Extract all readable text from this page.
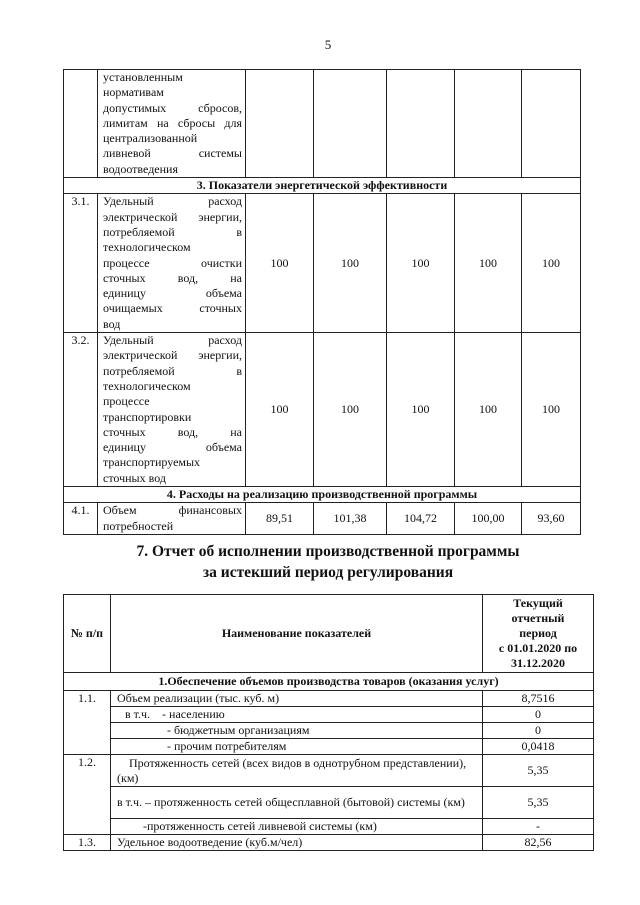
5

установленным
нормативам
допустимых сбросов,
лимитам на сбросы для
централизованной
ливневой системы
водоотведения

3. Показатели энергетической эффективности						
3.1.	Удельный расход
электрической энергии,
потребляемой в
технологическом
процессе очистки
сточных вод, на
единицу объема
очищаемых сточных
вод
	100	100	100	100	100
3.2.	Удельный расход
электрической энергии,
потребляемой в
технологическом
процессе
транспортировки
сточных вод, на
единицу объема
транспортируемых
сточных вод
	100	100	100	100	100
4. Расходы на реализацию производственной программы						
4.1.	Объем финансовых
потребностей	89,51	101,38	104,72	100,00	93,60
7. Отчет об исполнении производственной программы
за истекший период регулирования
№ п/п	Наименование показателей	Текущий
отчетный
период
с 01.01.2020 по
31.12.2020

1.Обеспечение объемов производства товаров (оказания услуг)		
1.1.	Объем реализации (тыс. куб. м)	8,7516
	в т.ч.    - населению	0
	- бюджетным организациям	0
	- прочим потребителям	0,0418
1.2.	Протяженность сетей (всех видов в однотрубном представлении), (км)	5,35
	в т.ч. – протяженность сетей общесплавной (бытовой) системы (км)	5,35
	-протяженность сетей ливневой системы (км)	-
1.3.	Удельное водоотведение (куб.м/чел)	82,56
